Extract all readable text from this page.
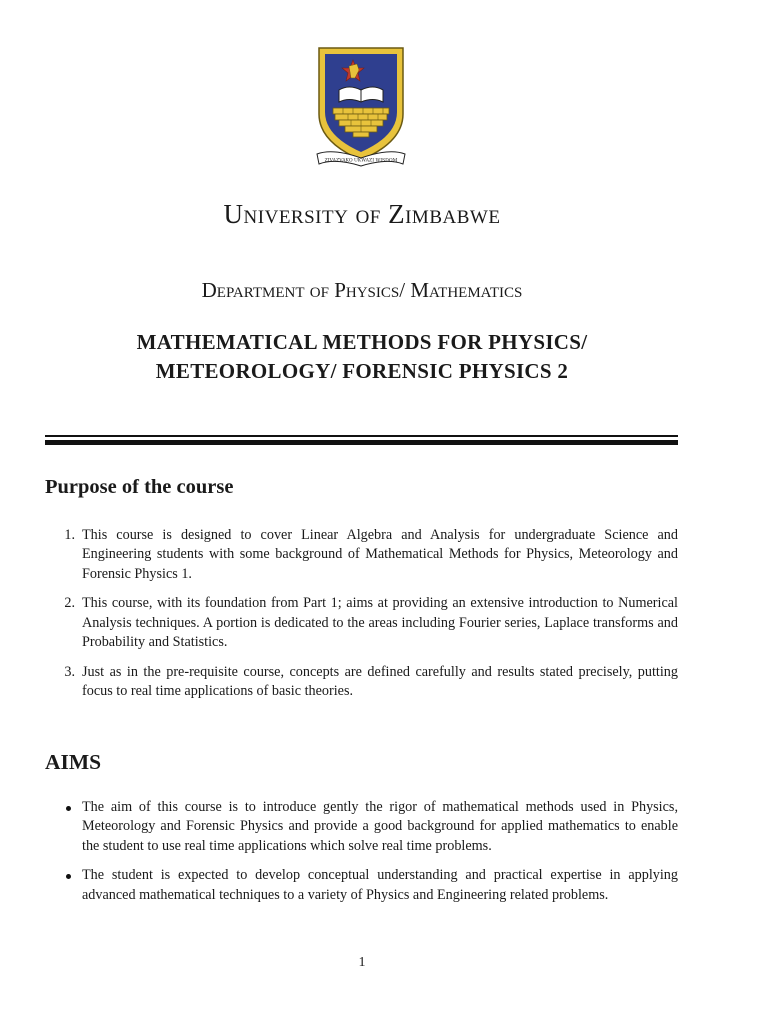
ZIVAZVAKO UKWAZI WISDOM
University of Zimbabwe
Department of Physics/ Mathematics
MATHEMATICAL METHODS FOR PHYSICS/
METEOROLOGY/ FORENSIC PHYSICS 2
Purpose of the course
1. This course is designed to cover Linear Algebra and Analysis for undergraduate Science and Engineering students with some background of Mathematical Methods for Physics, Meteorology and Forensic Physics 1.
2. This course, with its foundation from Part 1; aims at providing an extensive introduction to Numerical Analysis techniques. A portion is dedicated to the areas including Fourier series, Laplace transforms and Probability and Statistics.
3. Just as in the pre-requisite course, concepts are defined carefully and results stated precisely, putting focus to real time applications of basic theories.
AIMS
The aim of this course is to introduce gently the rigor of mathematical methods used in Physics, Meteorology and Forensic Physics and provide a good background for applied mathematics to enable the student to use real time applications which solve real time problems.
The student is expected to develop conceptual understanding and practical expertise in applying advanced mathematical techniques to a variety of Physics and Engineering related problems.
1
